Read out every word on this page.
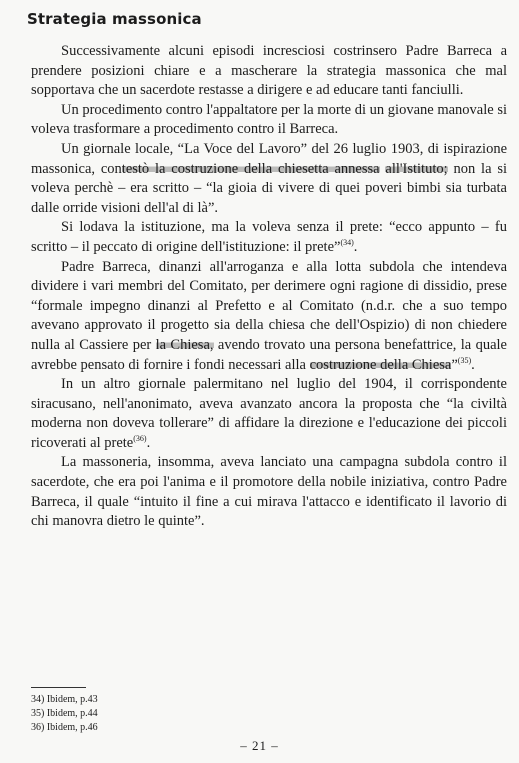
Strategia massonica

Successivamente alcuni episodi incresciosi costrinsero Padre Barreca a prendere posizioni chiare e a mascherare la strategia massonica che mal sopportava che un sacerdote restasse a dirigere e ad educare tanti fanciulli.

Un procedimento contro l'appaltatore per la morte di un giovane manovale si voleva trasformare a procedimento contro il Barreca.

Un giornale locale, “La Voce del Lavoro” del 26 luglio 1903, di ispirazione massonica, contestò la costruzione della chiesetta annessa all'Istituto; non la si voleva perchè – era scritto – “la gioia di vivere di quei poveri bimbi sia turbata dalle orride visioni dell'al di là”.

Si lodava la istituzione, ma la voleva senza il prete: “ecco appunto – fu scritto – il peccato di origine dell'istituzione: il prete”$^{(34)}$.

Padre Barreca, dinanzi all'arroganza e alla lotta subdola che intendeva dividere i vari membri del Comitato, per derimere ogni ragione di dissidio, prese “formale impegno dinanzi al Prefetto e al Comitato (n.d.r. che a suo tempo avevano approvato il progetto sia della chiesa che dell'Ospizio) di non chiedere nulla al Cassiere per la Chiesa, avendo trovato una persona benefattrice, la quale avrebbe pensato di fornire i fondi necessari alla costruzione della Chiesa”$^{(35)}$.

In un altro giornale palermitano nel luglio del 1904, il corrispondente siracusano, nell'anonimato, aveva avanzato ancora la proposta che “la civiltà moderna non doveva tollerare” di affidare la direzione e l'educazione dei piccoli ricoverati al prete$^{(36)}$.

La massoneria, insomma, aveva lanciato una campagna subdola contro il sacerdote, che era poi l'anima e il promotore della nobile iniziativa, contro Padre Barreca, il quale “intuito il fine a cui mirava l'attacco e identificato il lavorio di chi manovra dietro le quinte”.

34) Ibidem, p.43
35) Ibidem, p.44
36) Ibidem, p.46
– 21 –
